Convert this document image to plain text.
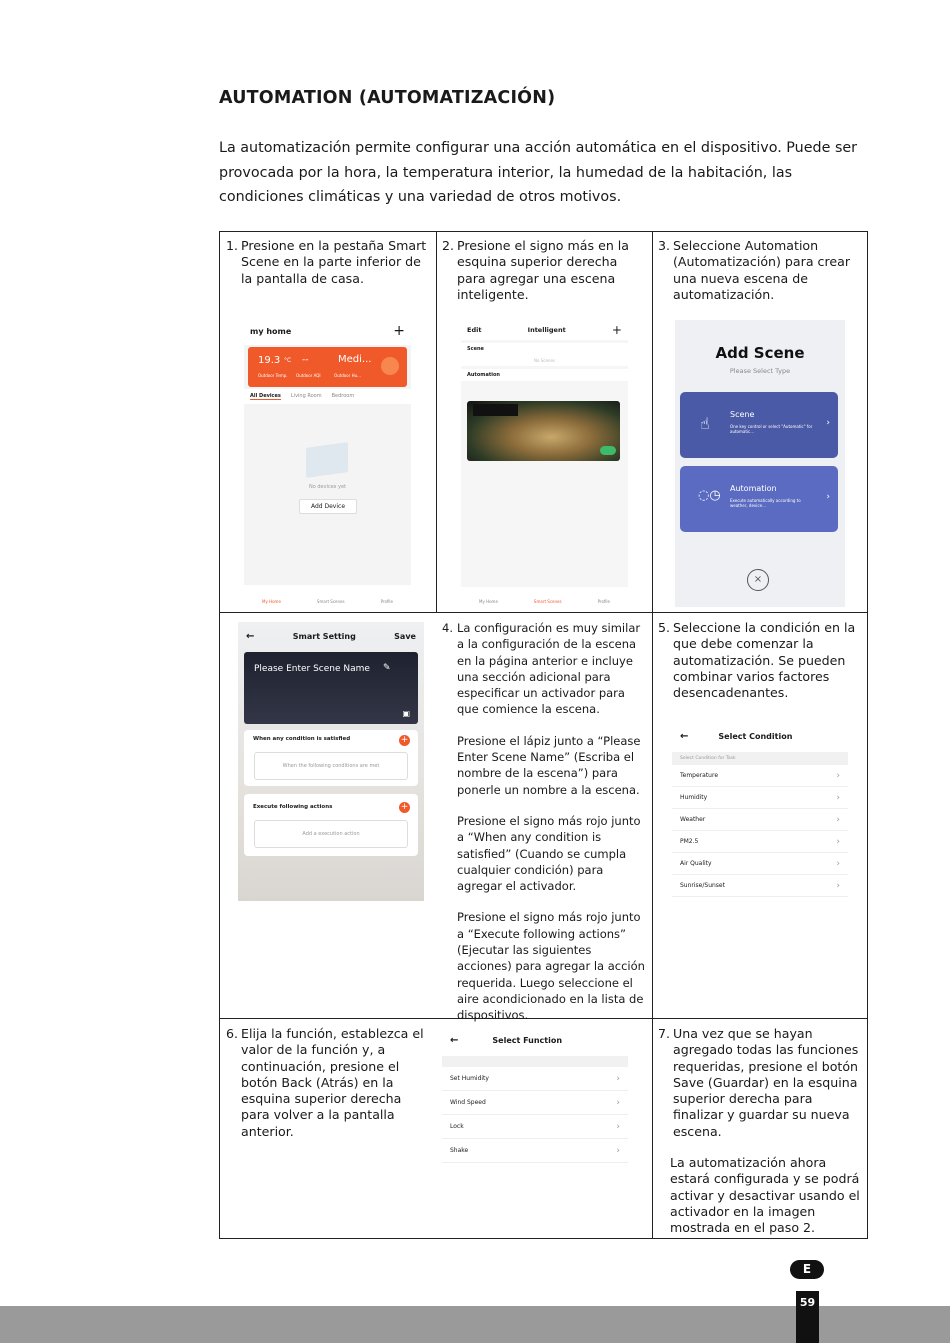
AUTOMATION (AUTOMATIZACIÓN)
La automatización permite configurar una acción automática en el dispositivo. Puede ser provocada por la hora, la temperatura interior, la humedad de la habitación, las condiciones climáticas y una variedad de otros motivos.
1. Presione en la pestaña Smart Scene en la parte inferior de la pantalla de casa.
2. Presione el signo más en la esquina superior derecha para agregar una escena inteligente.
3. Seleccione Automation (Automatización) para crear una nueva escena de automatización.
my home	+
19.3 °C --	Medi...
Outdoor Temp. Outdoor AQI	Outdoor Hu...
All Devices Living Room Bedroom
No devices yet
Add Device
My Home	Smart Scenes	Profile
Edit	Intelligent	+
Scene
No Scenes
Automation
My Home	Smart Scenes	Profile
Add Scene
Please Select Type
☝	Scene
One key control or select "Automatic" for automatic...
›
◌◷ Automation
Execute automatically according to weather, device...
›
×
4. La configuración es muy similar a la configuración de la escena en la página anterior e incluye una sección adicional para especificar un activador para que comience la escena.
Presione el lápiz junto a “Please Enter Scene Name” (Escriba el nombre de la escena”) para ponerle un nombre a la escena.
Presione el signo más rojo junto a “When any condition is satisfied” (Cuando se cumpla cualquier condición) para agregar el activador.
Presione el signo más rojo junto a “Execute following actions” (Ejecutar las siguientes acciones) para agregar la acción requerida. Luego seleccione el aire acondicionado en la lista de dispositivos.
←	Smart Setting	Save
Please Enter Scene Name ✎
▣
When any condition is satisfied	+
When the following conditions are met
Execute following actions	+
Add a execution action
5. Seleccione la condición en la que debe comenzar la automatización. Se pueden combinar varios factores desencadenantes.
←	Select Condition
Select Condition for Task
Temperature	›
Humidity	›
Weather	›
PM2.5	›
Air Quality	›
Sunrise/Sunset	›
6. Elija la función, establezca el valor de la función y, a continuación, presione el botón Back (Atrás) en la esquina superior derecha para volver a la pantalla anterior.
←	Select Function
Set Humidity	›
Wind Speed	›
Lock	›
Shake	›
7. Una vez que se hayan agregado todas las funciones requeridas, presione el botón Save (Guardar) en la esquina superior derecha para finalizar y guardar su nueva escena.
La automatización ahora estará configurada y se podrá activar y desactivar usando el activador en la imagen mostrada en el paso 2.
E
59
